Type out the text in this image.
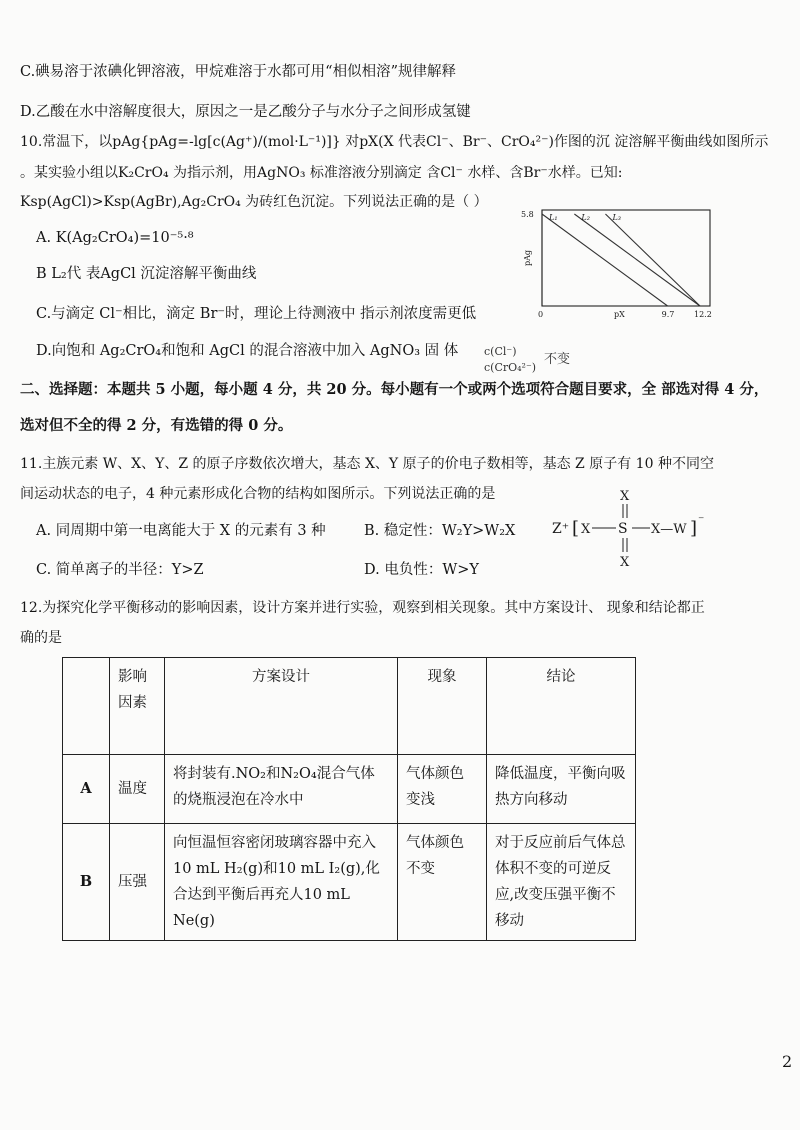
C.碘易溶于浓碘化钾溶液，甲烷难溶于水都可用“相似相溶”规律解释
D.乙酸在水中溶解度很大，原因之一是乙酸分子与水分子之间形成氢键
10.常温下，以pAg{pAg=-lg[c(Ag⁺)/(mol·L⁻¹)]} 对pX(X 代表Cl⁻、Br⁻、CrO₄²⁻)作图的沉 淀溶解平衡曲线如图所示
。某实验小组以K₂CrO₄ 为指示剂，用AgNO₃ 标准溶液分别滴定 含Cl⁻ 水样、含Br⁻水样。已知:
Ksp(AgCl)>Ksp(AgBr),Ag₂CrO₄ 为砖红色沉淀。下列说法正确的是（ ）
A. K(Ag₂CrO₄)=10⁻⁵·⁸
B L₂代 表AgCl 沉淀溶解平衡曲线
C.与滴定 Cl⁻相比，滴定 Br⁻时，理论上待测液中 指示剂浓度需更低
D.向饱和 Ag₂CrO₄和饱和 AgCl 的混合溶液中加入 AgNO₃ 固 体 c(Cl⁻)
c(CrO₄²⁻)
不变
L₁	L₂	L₃
5.8
pAg
0	9.7 12.2
pX
二、选择题：本题共 5 小题，每小题 4 分，共 20 分。每小题有一个或两个选项符合题目要求，全 部选对得 4 分，
选对但不全的得 2 分，有选错的得 0 分。
11.主族元素 W、X、Y、Z 的原子序数依次增大，基态 X、Y 原子的价电子数相等，基态 Z 原子有 10 种不同空
间运动状态的电子，4 种元素形成化合物的结构如图所示。下列说法正确的是
A. 同周期中第一电离能大于 X 的元素有 3 种	B. 稳定性：W₂Y>W₂X
C. 简单离子的半径：Y>Z	D. 电负性：W>Y
X
Z⁺ [ X S X—W ] ⁻
X
12.为探究化学平衡移动的影响因素，设计方案并进行实验，观察到相关现象。其中方案设计、 现象和结论都正
确的是
	影响因素	方案设计	现象	结论
A	温度	将封装有.NO₂和N₂O₄混合气体 的烧瓶浸泡在冷水中	气体颜色变浅	降低温度，平衡向吸热方向移动
B	压强	向恒温恒容密闭玻璃容器中充入10 mL H₂(g)和10 mL I₂(g),化合达到平衡后再充人10 mL Ne(g)	气体颜色不变	对于反应前后气体总体积不变的可逆反应,改变压强平衡不移动
2
